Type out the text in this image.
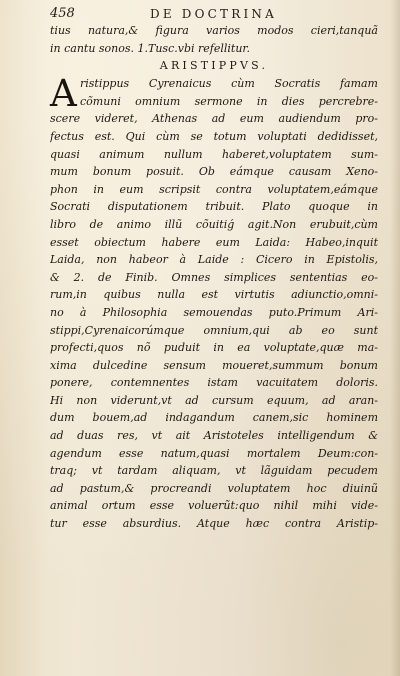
458	DE DOCTRINA
tius natura,& figura varios modos cieri,tanquã
in cantu sonos. 1.Tusc.vbi refellitur.
ARISTIPPVS.
A ristippus Cyrenaicus cùm Socratis famam
cõmuni omnium sermone in dies percrebre-
scere videret, Athenas ad eum audiendum pro-
fectus est. Qui cùm se totum voluptati dedidisset,
quasi animum nullum haberet,voluptatem sum-
mum bonum posuit. Ob eámque causam Xeno-
phon in eum scripsit contra voluptatem,eámque
Socrati disputationem tribuit. Plato quoque in
libro de animo illũ cõuitiǵ agit.Non erubuit,cùm
esset obiectum habere eum Laida: Habeo,inquit
Laida, non habeor à Laide : Cicero in Epistolis,
& 2. de Finib. Omnes simplices sententias eo-
rum,in quibus nulla est virtutis adiunctio,omni-
no à Philosophia semouendas puto.Primum Ari-
stippi,Cyrenaicorúmque omnium,qui ab eo sunt
profecti,quos nõ puduit in ea voluptate,quæ ma-
xima dulcedine sensum moueret,summum bonum
ponere, contemnentes istam vacuitatem doloris.
Hi non viderunt,vt ad cursum equum, ad aran-
dum bouem,ad indagandum canem,sic hominem
ad duas res, vt ait Aristoteles intelligendum &
agendum esse natum,quasi mortalem Deum:con-
traq; vt tardam aliquam, vt lãguidam pecudem
ad pastum,& procreandi voluptatem hoc diuinũ
animal ortum esse voluerũt:quo nihil mihi vide-
tur esse absurdius. Atque hæc contra Aristip-
